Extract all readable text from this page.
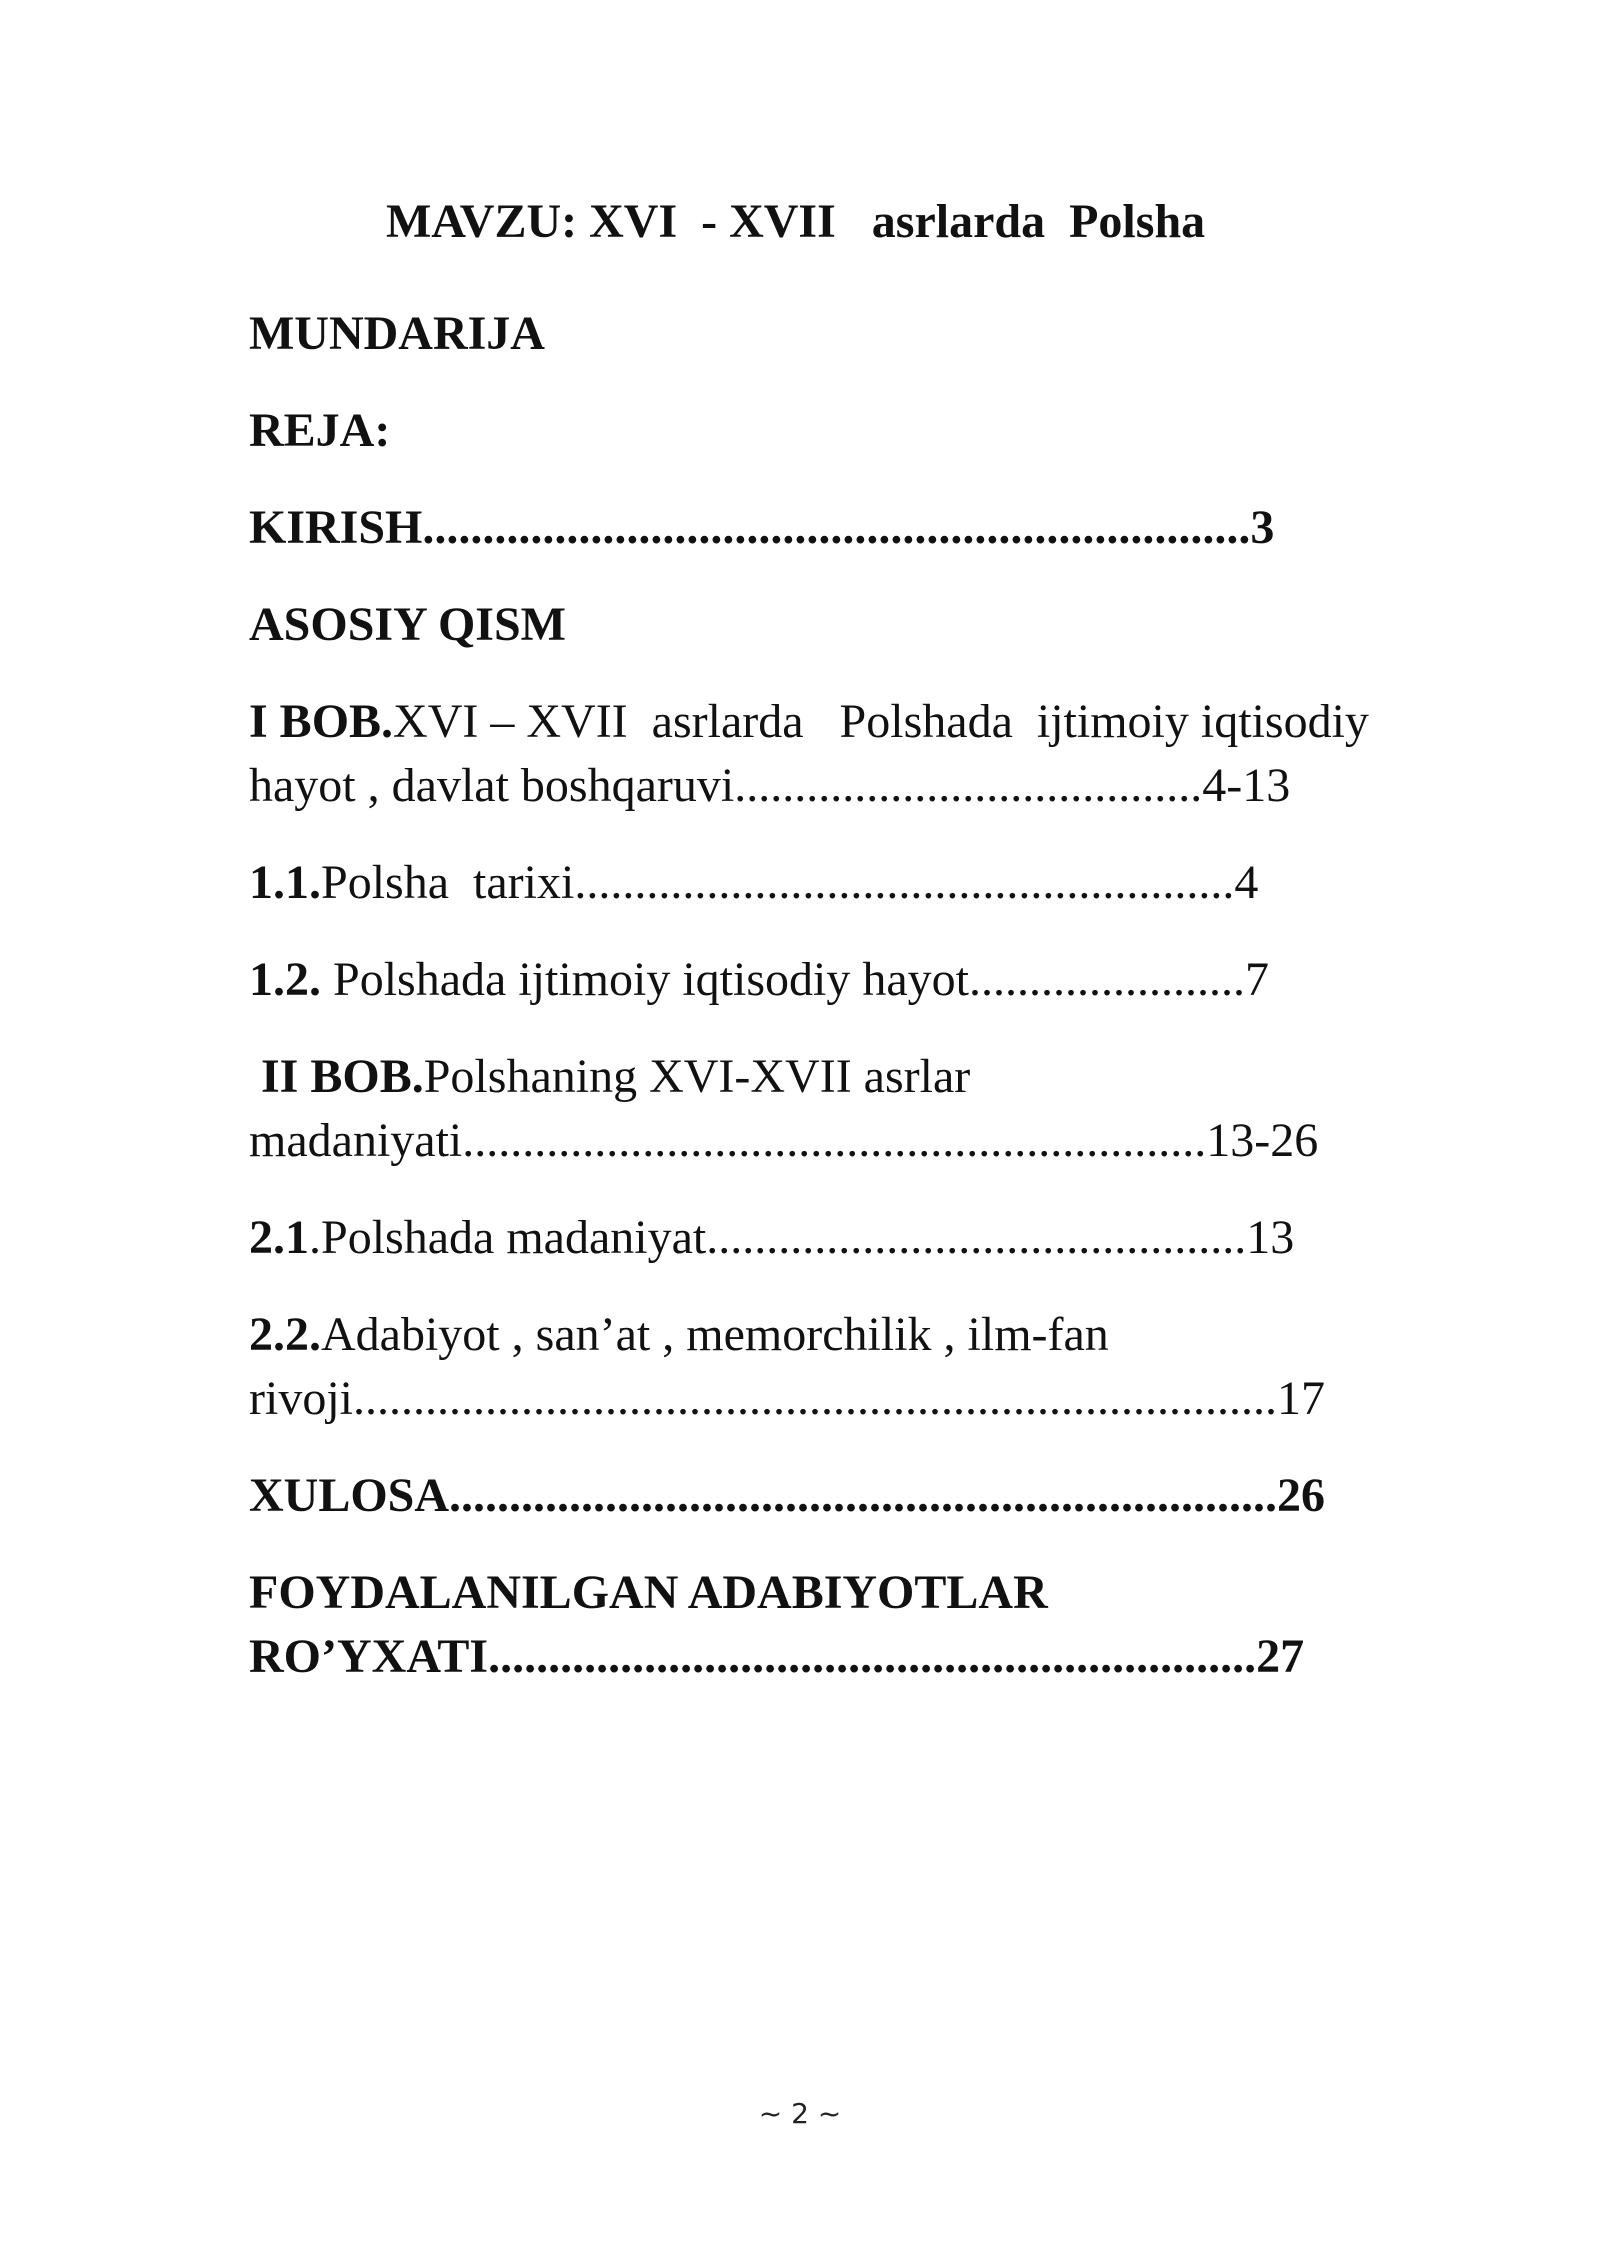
MAVZU: XVI  - XVII   asrlarda  Polsha
MUNDARIJA
REJA:
KIRISH.....................................................................3
ASOSIY QISM
I BOB.XVI – XVII  asrlarda   Polshada  ijtimoiy iqtisodiy
hayot , davlat boshqaruvi.......................................4-13
1.1.Polsha  tarixi.......................................................4
1.2. Polshada ijtimoiy iqtisodiy hayot.......................7
II BOB.Polshaning XVI-XVII asrlar
madaniyati..............................................................13-26
2.1.Polshada madaniyat.............................................13
2.2.Adabiyot , san’at , memorchilik , ilm-fan
rivoji.............................................................................17
XULOSA.....................................................................26
FOYDALANILGAN ADABIYOTLAR
RO’YXATI................................................................27
~ 2 ~
